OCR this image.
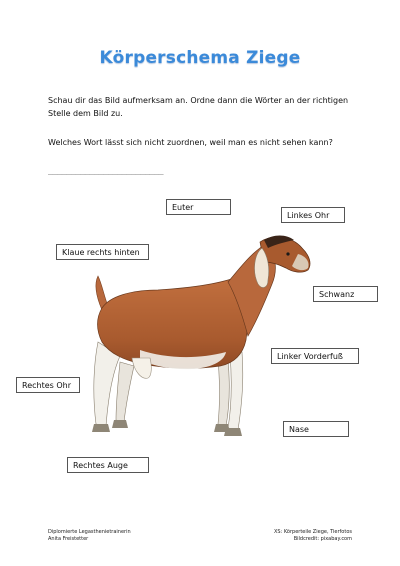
Körperschema Ziege
Schau dir das Bild aufmerksam an. Ordne dann die Wörter an der richtigen Stelle dem Bild zu.
Welches Wort lässt sich nicht zuordnen, weil man es nicht sehen kann?
_________________________
Euter
Linkes Ohr
Klaue rechts hinten
Schwanz
Linker Vorderfuß
Rechtes Ohr
Nase
Rechtes Auge
Diplomierte Legasthenietrainerin
Anita Freistetter
XS: Körperteile Ziege, Tierfotos
Bildcredit: pixabay.com
